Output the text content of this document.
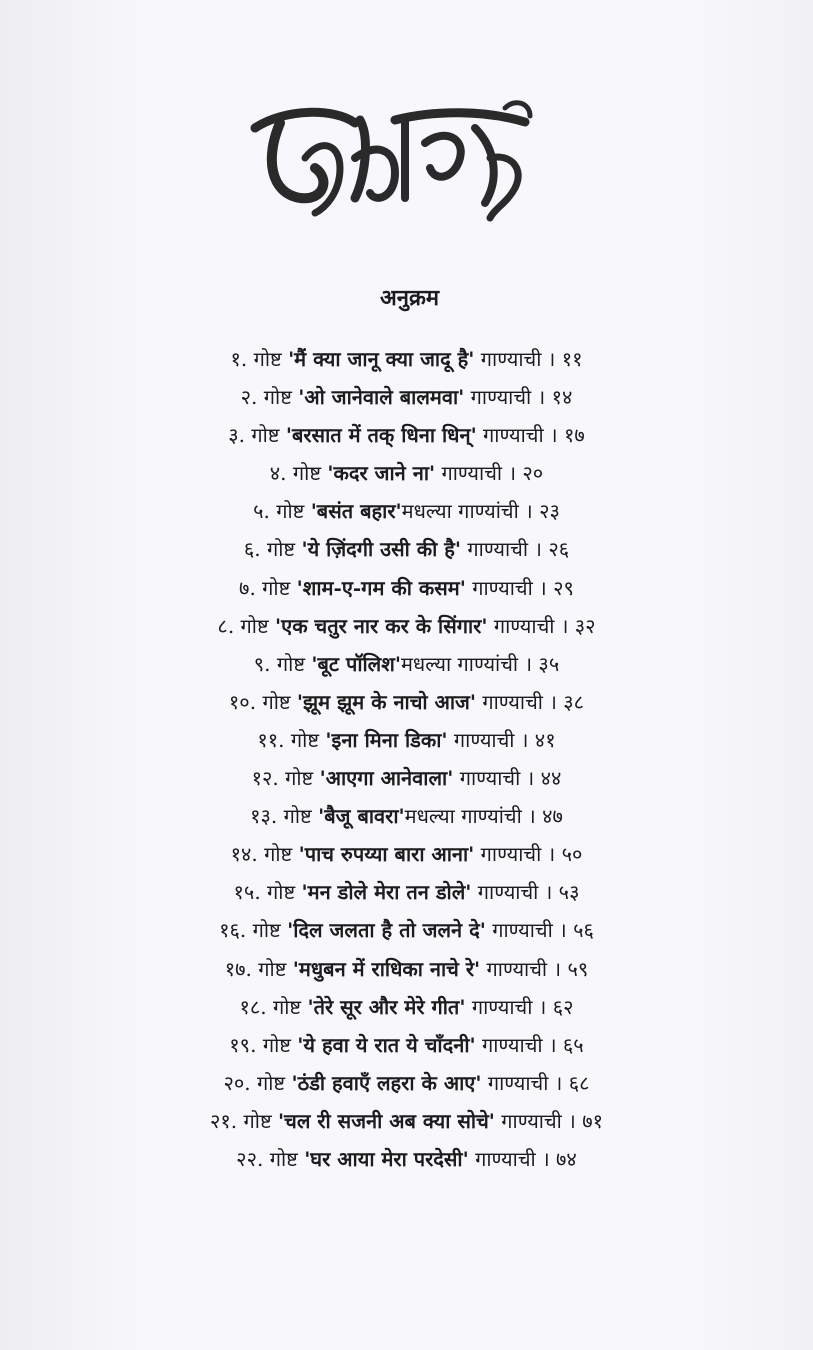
अनुक्रम
१. गोष्ट 'मैं क्या जानू क्या जादू है' गाण्याची । ११
२. गोष्ट 'ओ जानेवाले बालमवा' गाण्याची । १४
३. गोष्ट 'बरसात में तक् धिना धिन्' गाण्याची । १७
४. गोष्ट 'कदर जाने ना' गाण्याची । २०
५. गोष्ट 'बसंत बहार'मधल्या गाण्यांची । २३
६. गोष्ट 'ये ज़िंदगी उसी की है' गाण्याची । २६
७. गोष्ट 'शाम-ए-गम की कसम' गाण्याची । २९
८. गोष्ट 'एक चतुर नार कर के सिंगार' गाण्याची । ३२
९. गोष्ट 'बूट पॉलिश'मधल्या गाण्यांची । ३५
१०. गोष्ट 'झूम झूम के नाचो आज' गाण्याची । ३८
११. गोष्ट 'इना मिना डिका' गाण्याची । ४१
१२. गोष्ट 'आएगा आनेवाला' गाण्याची । ४४
१३. गोष्ट 'बैजू बावरा'मधल्या गाण्यांची । ४७
१४. गोष्ट 'पाच रुपय्या बारा आना' गाण्याची । ५०
१५. गोष्ट 'मन डोले मेरा तन डोले' गाण्याची । ५३
१६. गोष्ट 'दिल जलता है तो जलने दे' गाण्याची । ५६
१७. गोष्ट 'मधुबन में राधिका नाचे रे' गाण्याची । ५९
१८. गोष्ट 'तेरे सूर और मेरे गीत' गाण्याची । ६२
१९. गोष्ट 'ये हवा ये रात ये चाँदनी' गाण्याची । ६५
२०. गोष्ट 'ठंडी हवाएँ लहरा के आए' गाण्याची । ६८
२१. गोष्ट 'चल री सजनी अब क्या सोचे' गाण्याची । ७१
२२. गोष्ट 'घर आया मेरा परदेसी' गाण्याची । ७४
